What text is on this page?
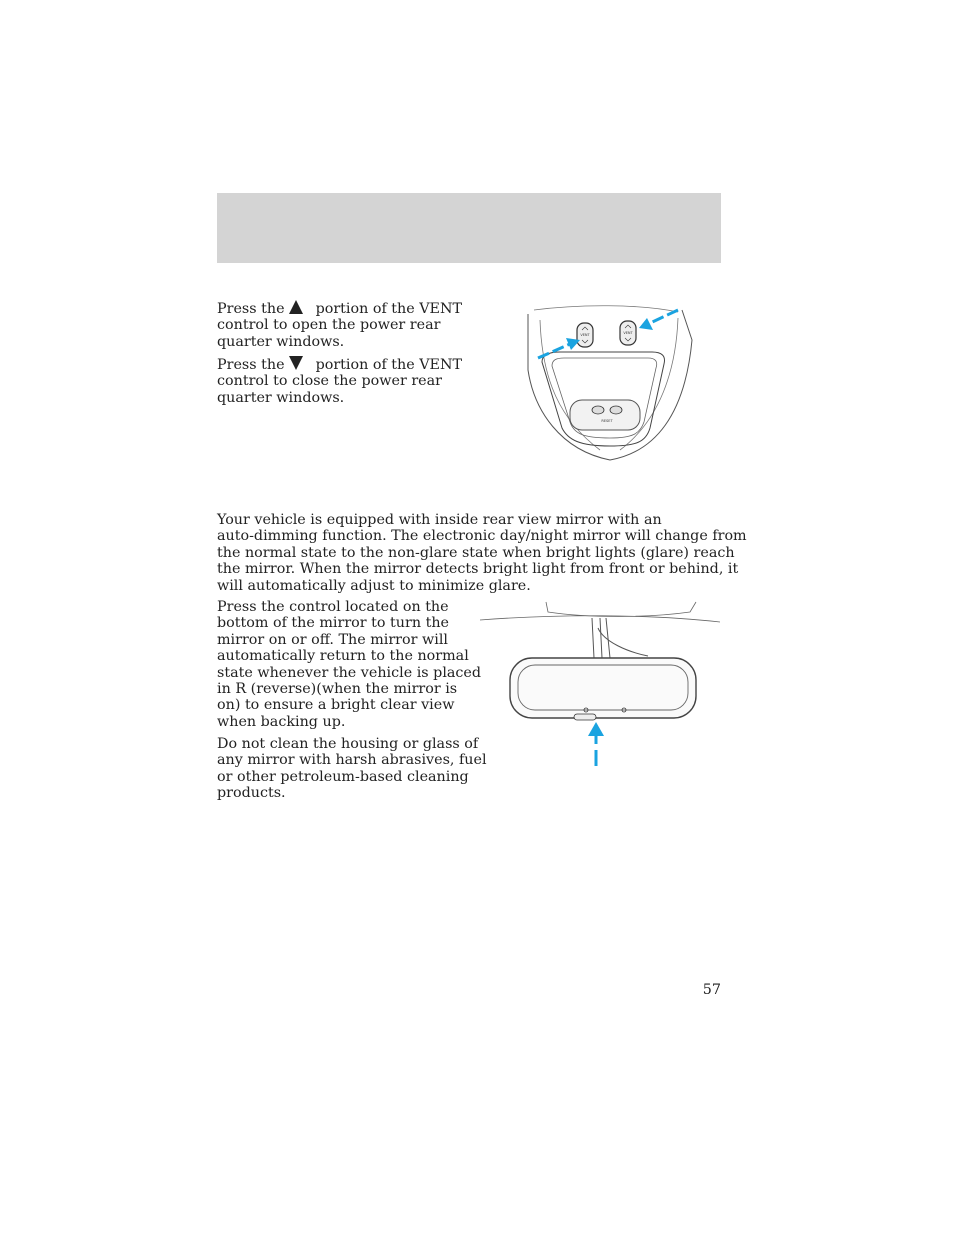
Press the portion of the VENT
control to open the power rear
quarter windows.
Press the portion of the VENT
control to close the power rear
quarter windows.
VENT	VENT
RESET
Your vehicle is equipped with inside rear view mirror with an
auto-dimming function. The electronic day/night mirror will change from
the normal state to the non-glare state when bright lights (glare) reach
the mirror. When the mirror detects bright light from front or behind, it
will automatically adjust to minimize glare.
Press the control located on the
bottom of the mirror to turn the
mirror on or off. The mirror will
automatically return to the normal
state whenever the vehicle is placed
in R (reverse)(when the mirror is
on) to ensure a bright clear view
when backing up.
Do not clean the housing or glass of
any mirror with harsh abrasives, fuel
or other petroleum-based cleaning
products.
57
